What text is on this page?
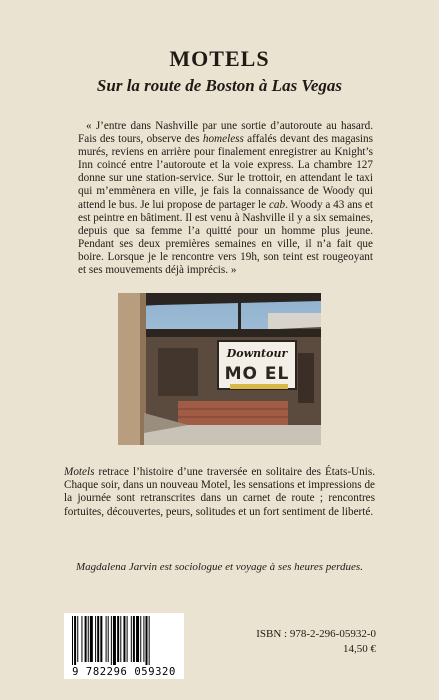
MOTELS
Sur la route de Boston à Las Vegas

« J’entre dans Nashville par une sortie d’autoroute au hasard. Fais des tours, observe des homeless affalés devant des magasins murés, reviens en arrière pour finalement enregistrer au Knight’s Inn coincé entre l’autoroute et la voie express. La chambre 127 donne sur une station-service. Sur le trottoir, en attendant le taxi qui m’emmènera en ville, je fais la connaissance de Woody qui attend le bus. Je lui propose de partager le cab. Woody a 43 ans et est peintre en bâtiment. Il est venu à Nashville il y a six semaines, depuis que sa femme l’a quitté pour un homme plus jeune. Pendant ses deux premières semaines en ville, il n’a fait que boire. Lorsque je le rencontre vers 19h, son teint est rougeoyant et ses mouvements déjà imprécis. »

Downtour
MO EL

Motels retrace l’histoire d’une traversée en solitaire des États-Unis. Chaque soir, dans un nouveau Motel, les sensations et impressions de la journée sont retranscrites dans un carnet de route ; rencontres fortuites, découvertes, peurs, solitudes et un fort sentiment de liberté.

Magdalena Jarvin est sociologue et voyage à ses heures perdues.
9 782296 059320
ISBN : 978-2-296-05932-0
14,50 €
